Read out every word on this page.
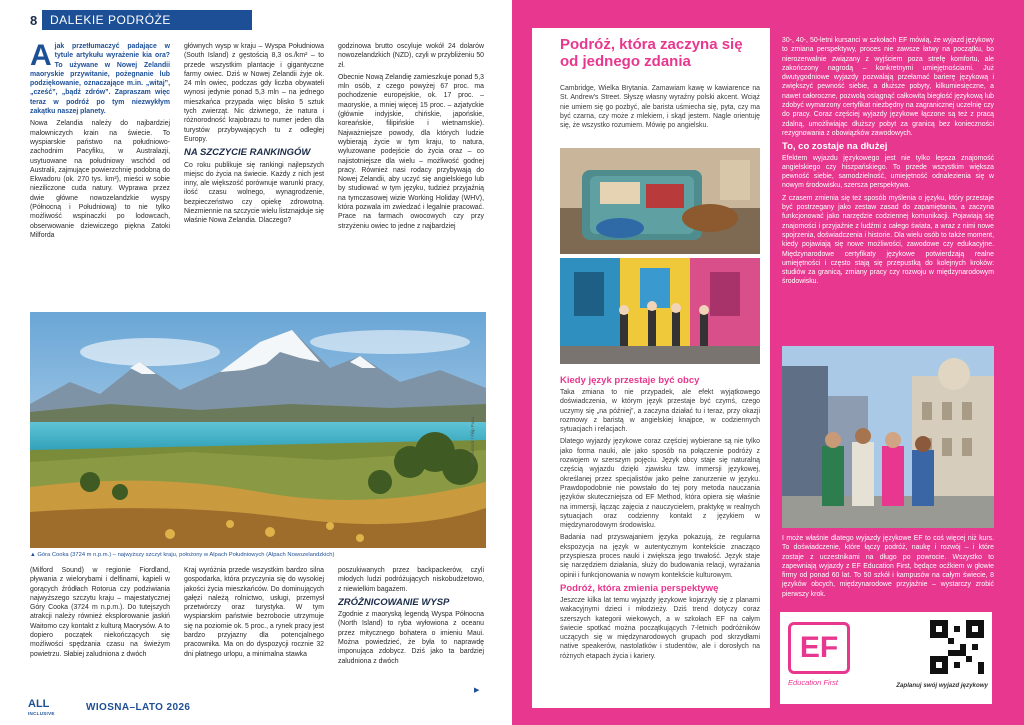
8 DALEKIE PODRÓŻE

A jak przetłumaczyć padające w tytule artykułu wyrażenie kia ora? To używane w Nowej Zelandii maoryskie przywitanie, pożegnanie lub podziękowanie, oznaczające m.in. „witaj”, „cześć”, „bądź zdrów”. Zapraszam więc teraz w podróż po tym niezwykłym zakątku naszej planety.

Nowa Zelandia należy do najbardziej malowniczych krain na świecie. To wyspiarskie państwo na południowo-zachodnim Pacyfiku, w Australazji, usytuowane na południowy wschód od Australii, zajmujące powierzchnię podobną do Ekwadoru (ok. 270 tys. km²), mieści w sobie nieziliczone cuda natury. Wyprawa przez dwie główne nowozelandzkie wyspy (Północną i Południową) to nie tylko możliwość wspinaczki po lodowcach, obserwowanie dziewiczego piękna Zatoki Milforda

głównych wysp w kraju – Wyspa Południowa (South Island) z gęstością 8,3 os./km² – to przede wszystkim plantacje i gigantyczne farmy owiec. Dziś w Nowej Zelandii żyje ok. 24 mln owiec, podczas gdy liczba obywateli wynosi jedynie ponad 5,3 mln – na jednego mieszkańca przypada więc blisko 5 sztuk tych zwierząt. Nic dziwnego, że natura i różnorodność krajobrazu to numer jeden dla turystów przybywających tu z odległej Europy.

NA SZCZYCIE RANKINGÓW

Co roku publikuje się rankingi najlepszych miejsc do życia na świecie. Każdy z nich jest inny, ale większość porównuje warunki pracy, ilość czasu wolnego, wynagrodzenie, bezpieczeństwo czy opiekę zdrowotną. Niezmiennie na szczycie wielu listznajduje się właśnie Nowa Zelandia. Dlaczego?

godzinowa brutto oscyluje wokół 24 dolarów nowozelandzkich (NZD), czyli w przybliżeniu 50 zł.

Obecnie Nową Zelandię zamieszkuje ponad 5,3 mln osób, z czego powyżej 67 proc. ma pochodzenie europejskie, ok. 17 proc. – maoryskie, a mniej więcej 15 proc. – azjatyckie (głównie indyjskie, chińskie, japońskie, koreańskie, filipińskie i wietnamskie). Najważniejsze powody, dla których ludzie wybierają życie w tym kraju, to natura, wyluzowane podejście do życia oraz – co najistotniejsze dla wielu – możliwość godnej pracy. Również nasi rodacy przybywają do Nowej Zelandii, aby uczyć się angielskiego lub by studiować w tym języku, tudzież przyjaźnią na tymczasowej wizie Working Holiday (WHV), która pozwala im zwiedzać i legalnie pracować. Prace na farmach owocowych czy przy strzyżeniu owiec to jedne z najbardziej

© Shutterstock / Filip Fuxa
▲ Góra Cooka (3724 m n.p.m.) – najwyższy szczyt kraju, położony w Alpach Południowych (Alpach Nowozelandzkich)

(Milford Sound) w regionie Fiordland, pływania z wielorybami i delfinami, kąpieli w gorących źródłach Rotorua czy podziwiania najwyższego szczytu kraju – majestatycznej Góry Cooka (3724 m n.p.m.). Do tutejszych atrakcji należy również eksplorowanie jaskiń Waitomo czy kontakt z kulturą Maorysów. A to dopiero początek niekończących się możliwości spędzania czasu na świeżym powietrzu. Słabiej zaludniona z dwóch

Kraj wyróżnia przede wszystkim bardzo silna gospodarka, która przyczynia się do wysokiej jakości życia mieszkańców. Do dominujących gałęzi należą rolnictwo, usługi, przemysł przetwórczy oraz turystyka. W tym wyspiarskim państwie bezrobocie utrzymuje się na poziomie ok. 5 proc., a rynek pracy jest bardzo przyjazny dla potencjalnego pracownika. Ma on do dyspozycji rocznie 32 dni płatnego urlopu, a minimalna stawka

poszukiwanych przez backpackerów, czyli młodych ludzi podróżujących niskobudżetowo, z niewielkim bagażem.

ZRÓŻNICOWANIE WYSP

Zgodnie z maoryską legendą Wyspa Północna (North Island) to ryba wyłowiona z oceanu przez mitycznego bohatera o imieniu Maui. Można powiedzieć, że była to naprawdę imponująca zdobycz. Dziś jako ta bardziej zaludniona z dwóch

▶
ALL
INCLUSIVE
WIOSNA–LATO 2026
Podróż, która zaczyna się od jednego zdania

Cambridge, Wielka Brytania. Zamawiam kawę w kawiarence na St. Andrew's Street. Słyszę własny wyraźny polski akcent. Wciąż nie umiem się go pozbyć, ale barista uśmiecha się, pyta, czy ma być czarna, czy może z mlekiem, i skąd jestem. Nagle orientuję się, że wszystko rozumiem. Mówię po angielsku.

Kiedy język przestaje być obcy

Taka zmiana to nie przypadek, ale efekt wyjątkowego doświadczenia, w którym język przestaje być czymś, czego uczymy się „na później”, a zaczyna działać tu i teraz, przy okazji rozmowy z baristą w angielskiej knajpce, w codziennych sytuacjach i relacjach.

Dlatego wyjazdy językowe coraz częściej wybierane są nie tylko jako forma nauki, ale jako sposób na połączenie podróży z rozwojem w szerszym pojęciu. Język obcy staje się naturalną częścią wyjazdu dzięki zjawisku tzw. immersji językowej, określanej przez specjalistów jako pełne zanurzenie w języku. Prawdopodobnie nie powstało do tej pory metoda nauczania języków skuteczniejsza od EF Method, która opiera się właśnie na immersji, łącząc zajęcia z nauczycielem, praktykę w realnych sytuacjach oraz codzienny kontakt z językiem w międzynarodowym środowisku.

Badania nad przyswajaniem języka pokazują, że regularna ekspozycja na język w autentycznym kontekście znacząco przyspiesza proces nauki i zwiększa jego trwałość. Język staje się narzędziem działania, służy do budowania relacji, wyrażania opinii i funkcjonowania w nowym kontekście kulturowym.

Podróż, która zmienia perspektywę

Jeszcze kilka lat temu wyjazdy językowe kojarzyły się z planami wakacyjnymi dzieci i młodzieży. Dziś trend dotyczy coraz szerszych kategorii wiekowych, a w szkołach EF na całym świecie spotkać można początkujących 7-letnich podróżników uczących się w międzynarodowych grupach pod skrzydłami native speakerów, nastolatków i studentów, ale i dorosłych na różnych etapach życia i kariery.

30-, 40-, 50-letni kursanci w szkołach EF mówią, że wyjazd językowy to zmiana perspektywy, proces nie zawsze łatwy na początku, bo nierozerwalnie związany z wyjściem poza strefę komfortu, ale zakończony nagrodą – konkretnymi umiejętnościami. Już dwutygodniowe wyjazdy pozwalają przełamać barierę językową i zwiększyć pewność siebie, a dłuższe pobyty, kilkumiesięczne, a nawet całoroczne, pozwolą osiągnąć całkowitą biegłość językową lub zdobyć wymarzony certyfikat niezbędny na zagranicznej uczelnię czy do pracy. Coraz częściej wyjazdy językowe łączone są też z pracą zdalną, umożliwiając dłuższy pobyt za granicą bez konieczności rezygnowania z obowiązków zawodowych.

To, co zostaje na dłużej

Efektem wyjazdu językowego jest nie tylko lepsza znajomość angielskiego czy hiszpańskiego. To przede wszystkim większa pewność siebie, samodzielność, umiejętność odnalezienia się w nowym środowisku, szersza perspektywa.

Z czasem zmienia się też sposób myślenia o języku, który przestaje być postrzegany jako zestaw zasad do zapamiętania, a zaczyna funkcjonować jako narzędzie codziennej komunikacji. Pojawiają się znajomości i przyjaźnie z ludźmi z całego świata, a wraz z nimi nowe spojrzenia, doświadczenia i historie. Dla wielu osób to także moment, kiedy pojawiają się nowe możliwości, zawodowe czy edukacyjne. Międzynarodowe certyfikaty językowe potwierdzają realne umiejętności i często stają się przepustką do kolejnych kroków: studiów za granicą, zmiany pracy czy rozwoju w międzynarodowym środowisku.

I może właśnie dlatego wyjazdy językowe EF to coś więcej niż kurs. To doświadczenie, które łączy podróż, naukę i rozwój – i które zostaje z uczestnikami na długo po powrocie. Wszystko to zapewniają wyjazdy z EF Education First, będące ocźkiem w głowie firmy od ponad 60 lat. To 50 szkół i kampusów na całym świecie, 8 języków obcych, międzynarodowe przyjaźnie – wystarczy zrobić pierwszy krok.

EF
Education First	Zaplanuj swój wyjazd językowy
